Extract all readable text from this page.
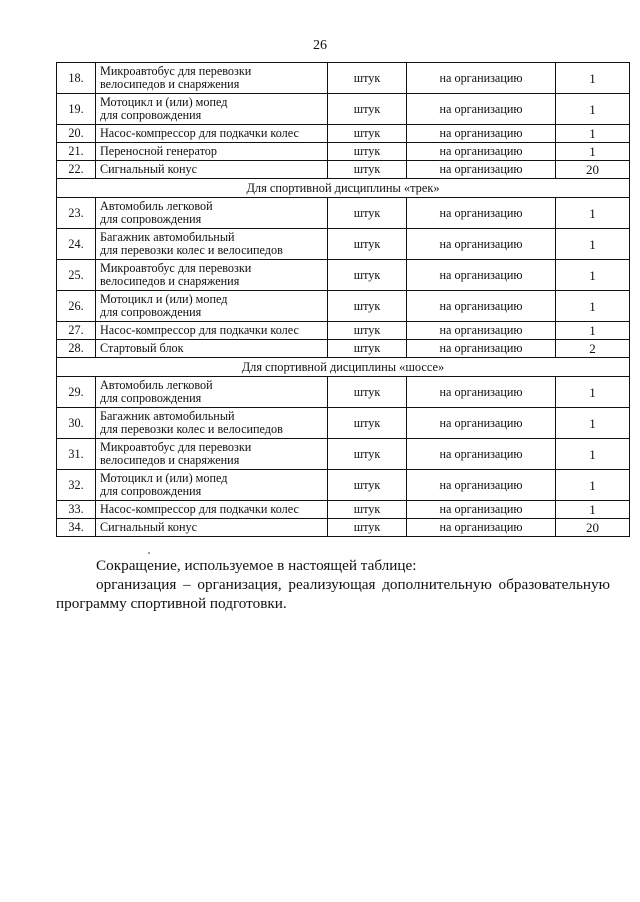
26
18.	Микроавтобус для перевозки
велосипедов и снаряжения	штук	на организацию	1
19.	Мотоцикл и (или) мопед
для сопровождения	штук	на организацию	1
20.	Насос-компрессор для подкачки колес	штук	на организацию	1
21.	Переносной генератор	штук	на организацию	1
22.	Сигнальный конус	штук	на организацию	20
Для спортивной дисциплины «трек»				
23.	Автомобиль легковой
для сопровождения	штук	на организацию	1
24.	Багажник автомобильный
для перевозки колес и велосипедов	штук	на организацию	1
25.	Микроавтобус для перевозки
велосипедов и снаряжения	штук	на организацию	1
26.	Мотоцикл и (или) мопед
для сопровождения	штук	на организацию	1
27.	Насос-компрессор для подкачки колес	штук	на организацию	1
28.	Стартовый блок	штук	на организацию	2
Для спортивной дисциплины «шоссе»				
29.	Автомобиль легковой
для сопровождения	штук	на организацию	1
30.	Багажник автомобильный
для перевозки колес и велосипедов	штук	на организацию	1
31.	Микроавтобус для перевозки
велосипедов и снаряжения	штук	на организацию	1
32.	Мотоцикл и (или) мопед
для сопровождения	штук	на организацию	1
33.	Насос-компрессор для подкачки колес	штук	на организацию	1
34.	Сигнальный конус	штук	на организацию	20

Сокращение, используемое в настоящей таблице:

организация – организация, реализующая дополнительную образовательную программу спортивной подготовки.
